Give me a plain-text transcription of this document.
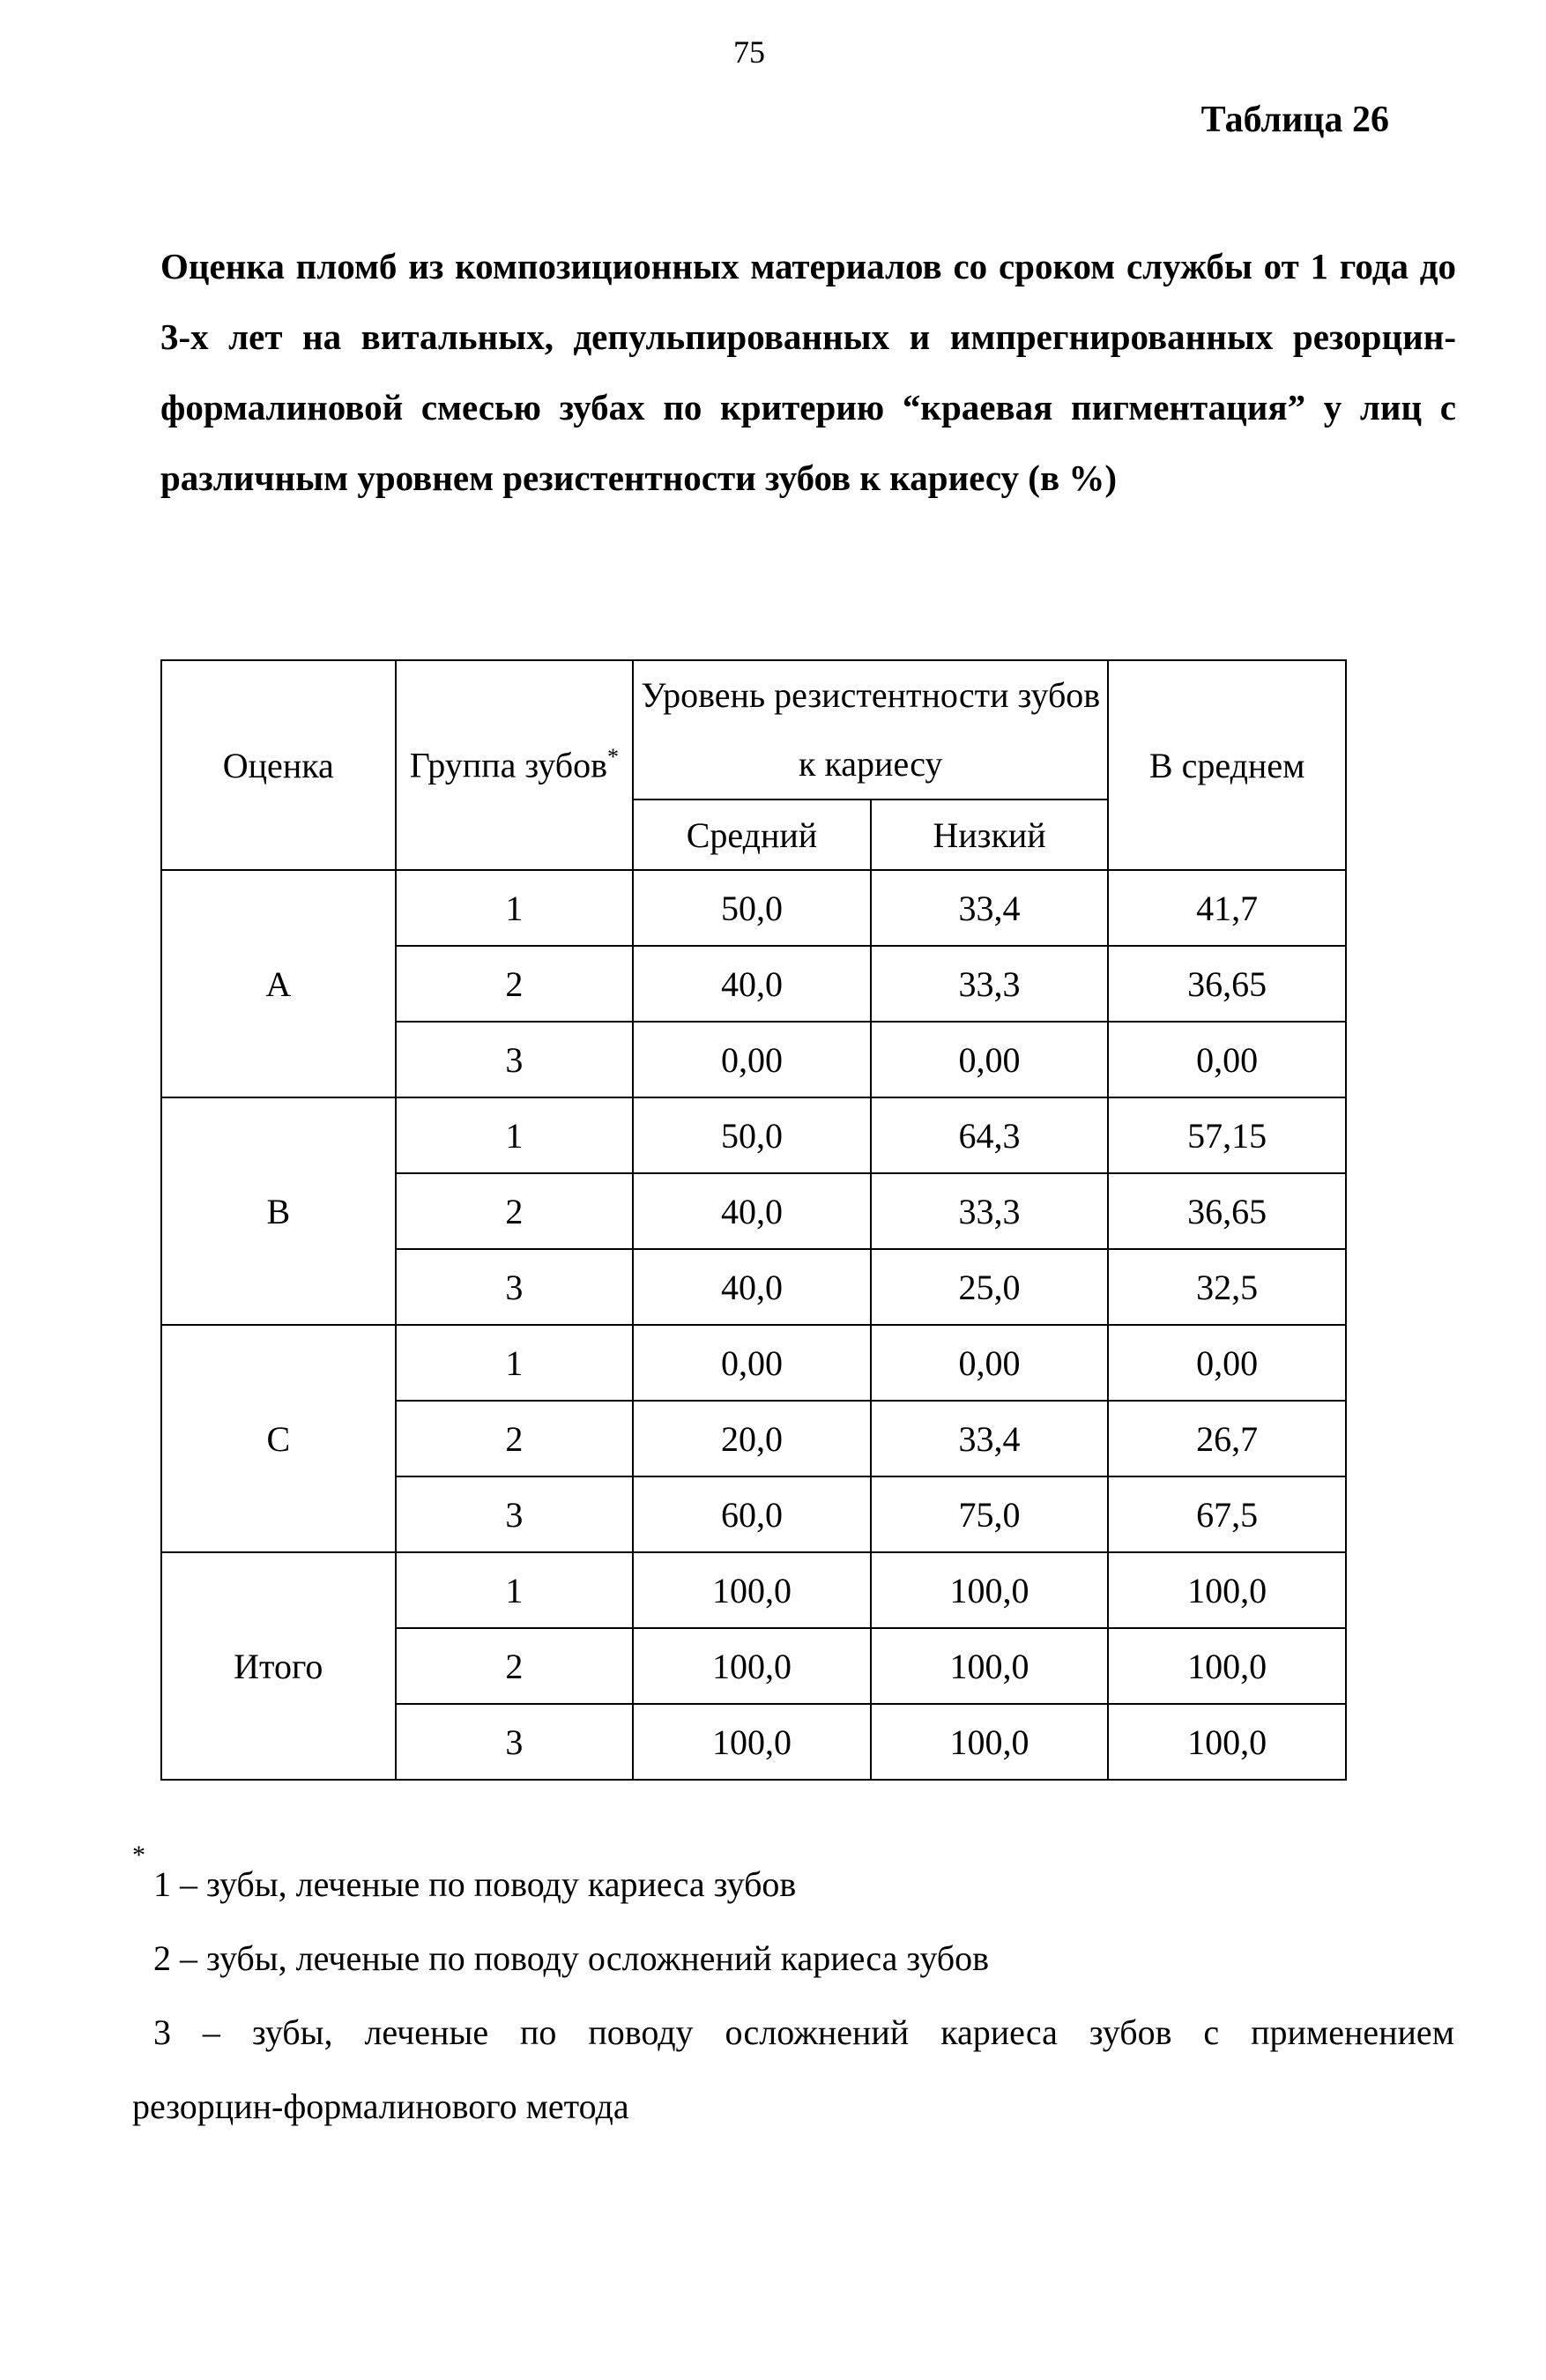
75
Таблица 26
Оценка пломб из композиционных материалов со сроком службы от 1 года до 3-х лет на витальных, депульпированных и импрегнированных резорцин-формалиновой смесью зубах по критерию “краевая пигментация” у лиц с различным уровнем резистентности зубов к кариесу (в %)
Оценка	Группа зубов*	Уровень резистентности зубов к кариесу		В среднем
		Средний	Низкий	
A	1	50,0	33,4	41,7
	2	40,0	33,3	36,65
	3	0,00	0,00	0,00
B	1	50,0	64,3	57,15
	2	40,0	33,3	36,65
	3	40,0	25,0	32,5
C	1	0,00	0,00	0,00
	2	20,0	33,4	26,7
	3	60,0	75,0	67,5
Итого	1	100,0	100,0	100,0
	2	100,0	100,0	100,0
	3	100,0	100,0	100,0
*
1 – зубы, леченые по поводу кариеса зубов
2 – зубы, леченые по поводу осложнений кариеса зубов
3 – зубы, леченые по поводу осложнений кариеса зубов с применением
резорцин-формалинового метода
